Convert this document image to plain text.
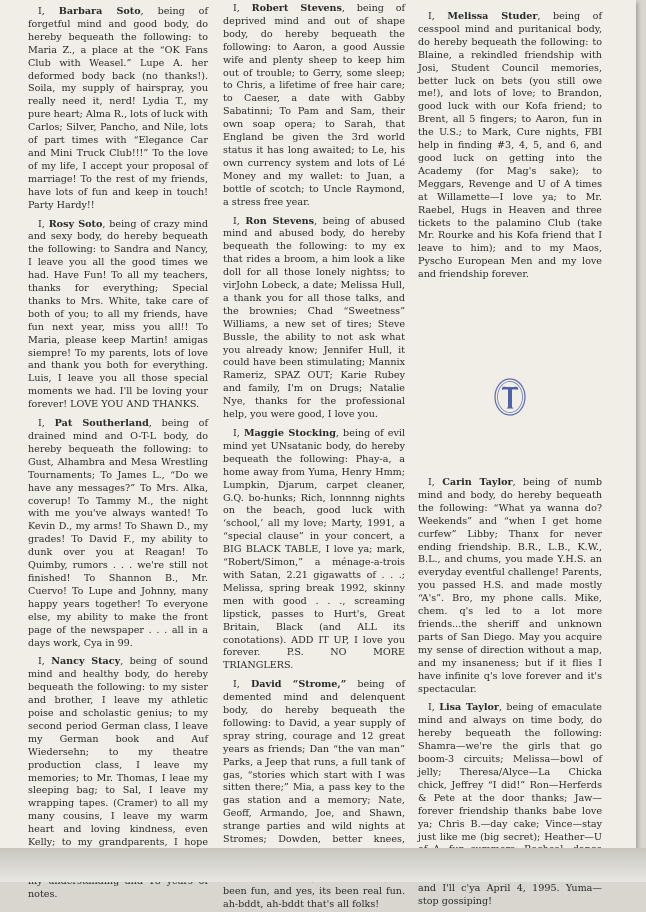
I, Barbara Soto, being of forgetful mind and good body, do hereby bequeath the following: to Maria Z., a place at the “OK Fans Club with Weasel.” Lupe A. her deformed body back (no thanks!). Soila, my supply of hairspray, you really need it, nerd! Lydia T., my pure heart; Alma R., lots of luck with Carlos; Silver, Pancho, and Nile, lots of part times with “Elegance Car and Mini Truck Club!!!” To the love of my life, I accept your proposal of marriage! To the rest of my friends, have lots of fun and keep in touch! Party Hardy!!

I, Rosy Soto, being of crazy mind and sexy body, do hereby bequeath the following: to Sandra and Nancy, I leave you all the good times we had. Have Fun! To all my teachers, thanks for everything; Special thanks to Mrs. White, take care of both of you; to all my friends, have fun next year, miss you all!! To Maria, please keep Martin! amigas siempre! To my parents, lots of love and thank you both for everything. Luis, I leave you all those special moments we had. I'll be loving your forever! LOVE YOU AND THANKS.

I, Pat Southerland, being of drained mind and O-T-L body, do hereby bequeath the following: to Gust, Alhambra and Mesa Wrestling Tournaments; To James L., “Do we have any messages?” To Mrs. Alka, coverup! To Tammy M., the night with me you've always wanted! To Kevin D., my arms! To Shawn D., my grades! To David F., my ability to dunk over you at Reagan! To Quimby, rumors . . . we're still not finished! To Shannon B., Mr. Cuervo! To Lupe and Johnny, many happy years together! To everyone else, my ability to make the front page of the newspaper . . . all in a days work, Cya in 99.

I, Nancy Stacy, being of sound mind and healthy body, do hereby bequeath the following: to my sister and brother, I leave my athletic poise and scholastic genius; to my second period German class, I leave my German book and Auf Wiedersehn; to my theatre production class, I leave my memories; to Mr. Thomas, I leae my sleeping bag; to Sal, I leave my wrapping tapes. (Cramer) to all my many cousins, I leave my warm heart and loving kindness, even Kelly; to my grandparents, I hope notes.

I, Robert Stevens, being of deprived mind and out of shape body, do hereby bequeath the following: to Aaron, a good Aussie wife and plenty sheep to keep him out of trouble; to Gerry, some sleep; to Chris, a lifetime of free hair care; to Caeser, a date with Gabby Sabatinni; To Pam and Sam, their own soap opera; to Sarah, that England be given the 3rd world status it has long awaited; to Le, his own currency system and lots of Lé Money and my wallet: to Juan, a bottle of scotch; to Uncle Raymond, a stress free year.

I, Ron Stevens, being of abused mind and abused body, do hereby bequeath the following: to my ex that rides a broom, a him look a like doll for all those lonely nightss; to virJohn Lobeck, a date; Melissa Hull, a thank you for all those talks, and the brownies; Chad “Sweetness” Williams, a new set of tires; Steve Bussle, the ability to not ask what you already know; Jennifer Hull, it could have been stimulating; Mannix Rameriz, SPAZ OUT; Karie Rubey and family, I'm on Drugs; Natalie Nye, thanks for the professional help, you were good, I love you.

I, Maggie Stocking, being of evil mind yet UNsatanic body, do hereby bequeath the following: Phay-a, a home away from Yuma, Henry Hmm; Lumpkin, Djarum, carpet cleaner, G.Q. bo-hunks; Rich, lonnnng nights on the beach, good luck with ‘school,’ all my love; Marty, 1991, a “special clause” in your concert, a BIG BLACK TABLE, I love ya; mark, “Robert/Simon,” a ménage-a-trois with Satan, 2.21 gigawatts of . . .; Melissa, spring break 1992, skinny men with good . . ., screaming lipstick, passes to Hurt's, Great Britain, Black (and ALL its conotations). ADD IT UP, I love you forever. P.S. NO MORE TRIANGLERS.

I, David “Strome,” being of demented mind and delenquent body, do hereby bequeath the following: to David, a year supply of spray string, courage and 12 great years as friends; Dan “the van man” Parks, a Jeep that runs, a full tank of gas, “stories which start with I was sitten there;” Mia, a pass key to the gas station and a memory; Nate, Geoff, Armando, Joe, and Shawn, strange parties and wild nights at Stromes; Dowden, better knees, been fun, and yes, its been real fun. ah-bddt, ah-bddt that's all folks!

I, Melissa Studer, being of cesspool mind and puritanical body, do hereby bequeath the following: to Blaine, a rekindled friendship with Josi, Student Council memories, better luck on bets (you still owe me!), and lots of love; to Brandon, good luck with our Kofa friend; to Brent, all 5 fingers; to Aaron, fun in the U.S.; to Mark, Cure nights, FBI help in finding #3, 4, 5, and 6, and good luck on getting into the Academy (for Mag's sake); to Meggars, Revenge and U of A times at Willamette—I love ya; to Mr. Raebel, Hugs in Heaven and three tickets to the palamino Club (take Mr. Rourke and his Kofa friend that I leave to him); and to my Maos, Pyscho European Men and my love and friendship forever.

I, Carin Taylor, being of numb mind and body, do hereby bequeath the following: “What ya wanna do? Weekends” and “when I get home curfew” Libby; Thanx for never ending friendship. B.R., L.B., K.W., B.L., and chums, you made Y.H.S. an everyday eventful challenge! Parents, you passed H.S. and made mostly “A's”. Bro, my phone calls. Mike, chem. q's led to a lot more friends...the sheriff and unknown parts of San Diego. May you acquire my sense of direction without a map, and my insaneness; but if it flies I have infinite q's love forever and it's spectacular.

I, Lisa Taylor, being of emaculate mind and always on time body, do hereby bequeath the following: Shamra—we're the girls that go boom-3 circuits; Melissa—bowl of jelly; Theresa/Alyce—La Chicka chick, Jeffrey “I did!” Ron—Herferds & Pete at the door thanks; Jaw—forever friendship thanks babe love ya; Chris B.—day cake; Vince—stay just like me (big secret); Heather—U and I'll c'ya April 4, 1995. Yuma—stop gossiping!
